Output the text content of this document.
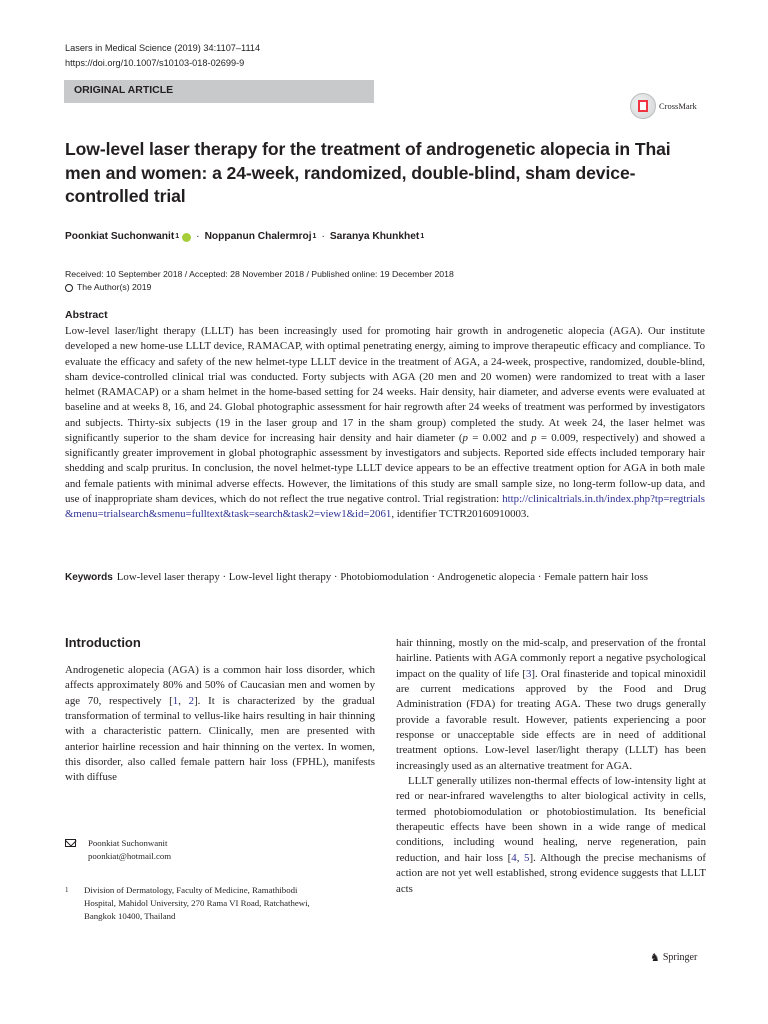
Lasers in Medical Science (2019) 34:1107–1114
https://doi.org/10.1007/s10103-018-02699-9
ORIGINAL ARTICLE
CrossMark
Low-level laser therapy for the treatment of androgenetic alopecia in Thai men and women: a 24-week, randomized, double-blind, sham device-controlled trial
Poonkiat Suchonwanit 1 · Noppanun Chalermroj 1 · Saranya Khunkhet 1
Received: 10 September 2018 / Accepted: 28 November 2018 / Published online: 19 December 2018
The Author(s) 2019
Abstract
Low-level laser/light therapy (LLLT) has been increasingly used for promoting hair growth in androgenetic alopecia (AGA). Our institute developed a new home-use LLLT device, RAMACAP, with optimal penetrating energy, aiming to improve therapeutic efficacy and compliance. To evaluate the efficacy and safety of the new helmet-type LLLT device in the treatment of AGA, a 24-week, prospective, randomized, double-blind, sham device-controlled clinical trial was conducted. Forty subjects with AGA (20 men and 20 women) were randomized to treat with a laser helmet (RAMACAP) or a sham helmet in the home-based setting for 24 weeks. Hair density, hair diameter, and adverse events were evaluated at baseline and at weeks 8, 16, and 24. Global photographic assessment for hair regrowth after 24 weeks of treatment was performed by investigators and subjects. Thirty-six subjects (19 in the laser group and 17 in the sham group) completed the study. At week 24, the laser helmet was significantly superior to the sham device for increasing hair density and hair diameter (p = 0.002 and p = 0.009, respectively) and showed a significantly greater improvement in global photographic assessment by investigators and subjects. Reported side effects included temporary hair shedding and scalp pruritus. In conclusion, the novel helmet-type LLLT device appears to be an effective treatment option for AGA in both male and female patients with minimal adverse effects. However, the limitations of this study are small sample size, no long-term follow-up data, and use of inappropriate sham devices, which do not reflect the true negative control. Trial registration: http://clinicaltrials.in.th/index.php?tp=regtrials&menu=trialsearch&smenu=fulltext&task=search&task2=view1&id=2061, identifier TCTR20160910003.
Keywords Low-level laser therapy · Low-level light therapy · Photobiomodulation · Androgenetic alopecia · Female pattern hair loss
Introduction

Androgenetic alopecia (AGA) is a common hair loss disorder, which affects approximately 80% and 50% of Caucasian men and women by age 70, respectively [1, 2]. It is characterized by the gradual transformation of terminal to vellus-like hairs resulting in hair thinning with a characteristic pattern. Clinically, men are presented with anterior hairline recession and hair thinning on the vertex. In women, this disorder, also called female pattern hair loss (FPHL), manifests with diffuse

hair thinning, mostly on the mid-scalp, and preservation of the frontal hairline. Patients with AGA commonly report a negative psychological impact on the quality of life [3]. Oral finasteride and topical minoxidil are current medications approved by the Food and Drug Administration (FDA) for treating AGA. These two drugs generally provide a favorable result. However, patients experiencing a poor response or unacceptable side effects are in need of additional treatment options. Low-level laser/light therapy (LLLT) has been increasingly used as an alternative treatment for AGA.

LLLT generally utilizes non-thermal effects of low-intensity light at red or near-infrared wavelengths to alter biological activity in cells, termed photobiomodulation or photobiostimulation. Its beneficial therapeutic effects have been shown in a wide range of medical conditions, including wound healing, nerve regeneration, pain reduction, and hair loss [4, 5]. Although the precise mechanisms of action are not yet well established, strong evidence suggests that LLLT acts

Poonkiat Suchonwanit
poonkiat@hotmail.com
1	Division of Dermatology, Faculty of Medicine, Ramathibodi Hospital, Mahidol University, 270 Rama VI Road, Ratchathewi, Bangkok 10400, Thailand
♞ Springer
